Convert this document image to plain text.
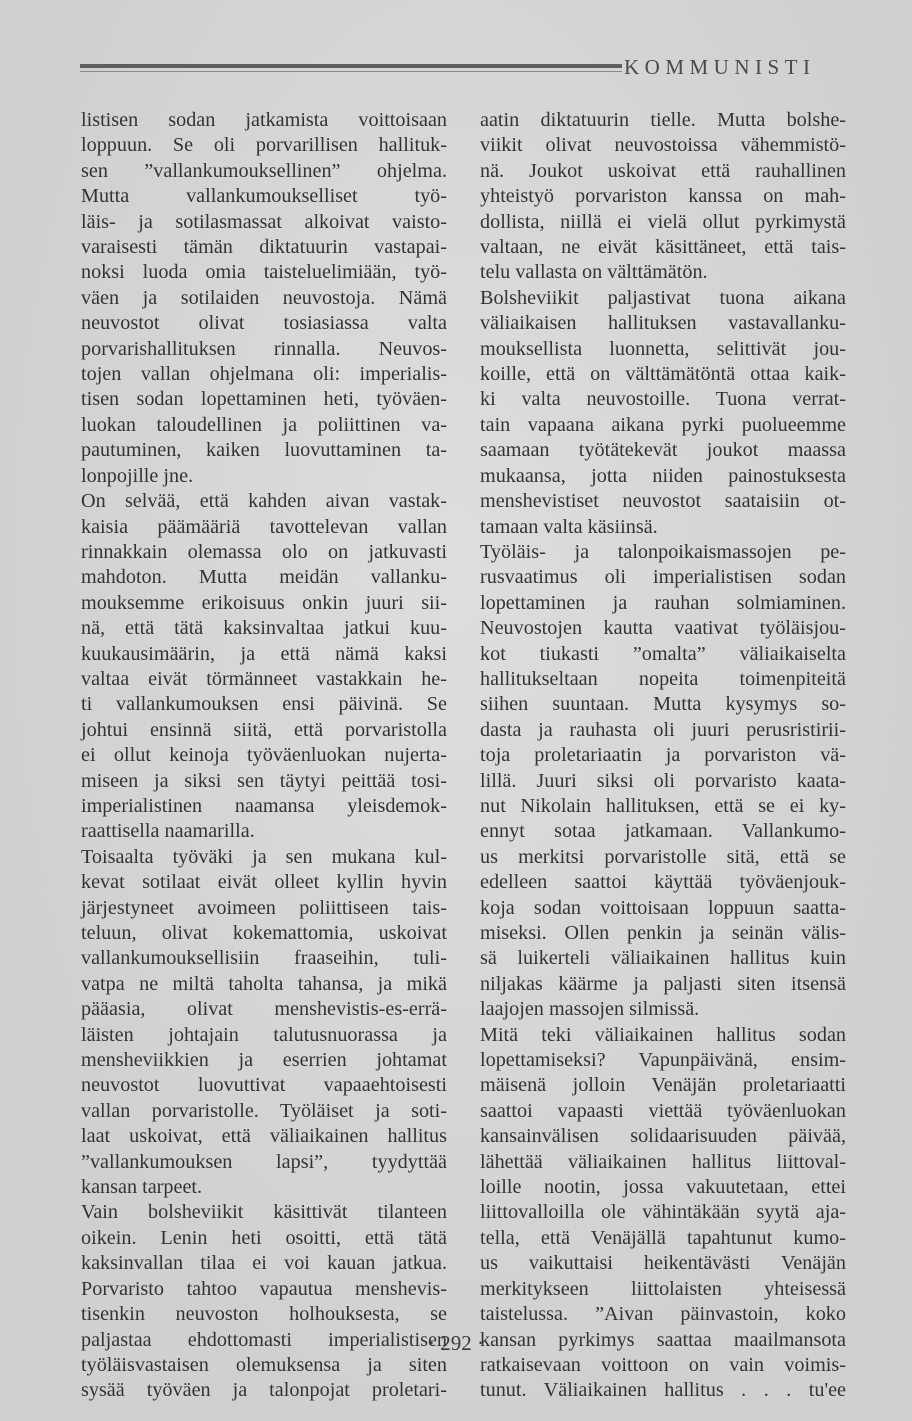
KOMMUNISTI
listisen sodan jatkamista voittoisaan
loppuun. Se oli porvarillisen hallituk-
sen ”vallankumouksellinen” ohjelma.
Mutta vallankumoukselliset työ-
läis- ja sotilasmassat alkoivat vaisto-
varaisesti tämän diktatuurin vastapai-
noksi luoda omia taisteluelimiään, työ-
väen ja sotilaiden neuvostoja. Nämä
neuvostot olivat tosiasiassa valta
porvarishallituksen rinnalla. Neuvos-
tojen vallan ohjelmana oli: imperialis-
tisen sodan lopettaminen heti, työväen-
luokan taloudellinen ja poliittinen va-
pautuminen, kaiken luovuttaminen ta-
lonpojille jne.
On selvää, että kahden aivan vastak-
kaisia päämääriä tavottelevan vallan
rinnakkain olemassa olo on jatkuvasti
mahdoton. Mutta meidän vallanku-
mouksemme erikoisuus onkin juuri sii-
nä, että tätä kaksinvaltaa jatkui kuu-
kuukausimäärin, ja että nämä kaksi
valtaa eivät törmänneet vastakkain he-
ti vallankumouksen ensi päivinä. Se
johtui ensinnä siitä, että porvaristolla
ei ollut keinoja työväenluokan nujerta-
miseen ja siksi sen täytyi peittää tosi-
imperialistinen naamansa yleisdemok-
raattisella naamarilla.
Toisaalta työväki ja sen mukana kul-
kevat sotilaat eivät olleet kyllin hyvin
järjestyneet avoimeen poliittiseen tais-
teluun, olivat kokemattomia, uskoivat
vallankumouksellisiin fraaseihin, tuli-
vatpa ne miltä taholta tahansa, ja mikä
pääasia, olivat menshevistis-es-errä-
läisten johtajain talutusnuorassa ja
mensheviikkien ja eserrien johtamat
neuvostot luovuttivat vapaaehtoisesti
vallan porvaristolle. Työläiset ja soti-
laat uskoivat, että väliaikainen hallitus
”vallankumouksen lapsi”, tyydyttää
kansan tarpeet.
Vain bolsheviikit käsittivät tilanteen
oikein. Lenin heti osoitti, että tätä
kaksinvallan tilaa ei voi kauan jatkua.
Porvaristo tahtoo vapautua menshevis-
tisenkin neuvoston holhouksesta, se
paljastaa ehdottomasti imperialistisen
työläisvastaisen olemuksensa ja siten
sysää työväen ja talonpojat proletari-
aatin diktatuurin tielle. Mutta bolshe-
viikit olivat neuvostoissa vähemmistö-
nä. Joukot uskoivat että rauhallinen
yhteistyö porvariston kanssa on mah-
dollista, niillä ei vielä ollut pyrkimystä
valtaan, ne eivät käsittäneet, että tais-
telu vallasta on välttämätön.
Bolsheviikit paljastivat tuona aikana
väliaikaisen hallituksen vastavallanku-
mouksellista luonnetta, selittivät jou-
koille, että on välttämätöntä ottaa kaik-
ki valta neuvostoille. Tuona verrat-
tain vapaana aikana pyrki puolueemme
saamaan työtätekevät joukot maassa
mukaansa, jotta niiden painostuksesta
menshevistiset neuvostot saataisiin ot-
tamaan valta käsiinsä.
Työläis- ja talonpoikaismassojen pe-
rusvaatimus oli imperialistisen sodan
lopettaminen ja rauhan solmiaminen.
Neuvostojen kautta vaativat työläisjou-
kot tiukasti ”omalta” väliaikaiselta
hallitukseltaan nopeita toimenpiteitä
siihen suuntaan. Mutta kysymys so-
dasta ja rauhasta oli juuri perusristirii-
toja proletariaatin ja porvariston vä-
lillä. Juuri siksi oli porvaristo kaata-
nut Nikolain hallituksen, että se ei ky-
ennyt sotaa jatkamaan. Vallankumo-
us merkitsi porvaristolle sitä, että se
edelleen saattoi käyttää työväenjouk-
koja sodan voittoisaan loppuun saatta-
miseksi. Ollen penkin ja seinän välis-
sä luikerteli väliaikainen hallitus kuin
niljakas käärme ja paljasti siten itsensä
laajojen massojen silmissä.
Mitä teki väliaikainen hallitus sodan
lopettamiseksi? Vapunpäivänä, ensim-
mäisenä jolloin Venäjän proletariaatti
saattoi vapaasti viettää työväenluokan
kansainvälisen solidaarisuuden päivää,
lähettää väliaikainen hallitus liittoval-
loille nootin, jossa vakuutetaan, ettei
liittovalloilla ole vähintäkään syytä aja-
tella, että Venäjällä tapahtunut kumo-
us vaikuttaisi heikentävästi Venäjän
merkitykseen liittolaisten yhteisessä
taistelussa. ”Aivan päinvastoin, koko
kansan pyrkimys saattaa maailmansota
ratkaisevaan voittoon on vain voimis-
tunut. Väliaikainen hallitus . . . tu'ee
· 292 ·
